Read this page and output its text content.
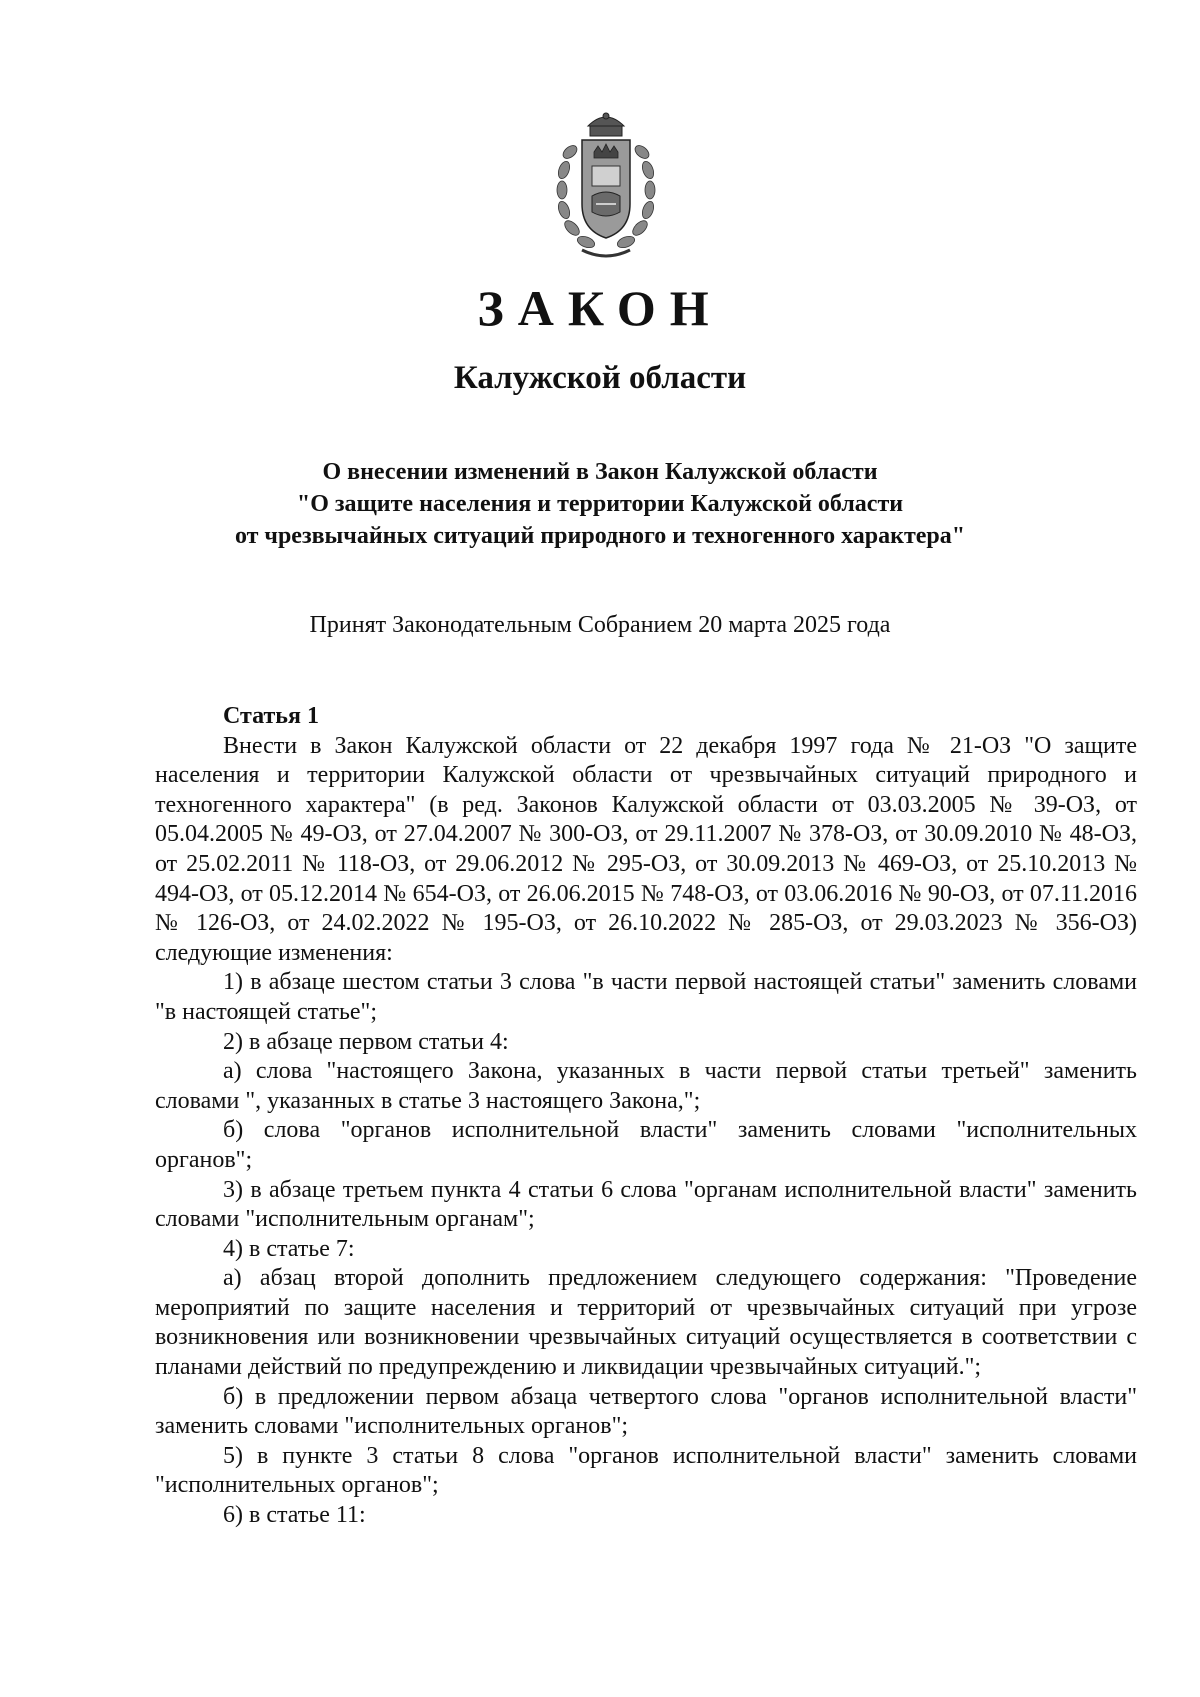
ЗАКОН
Калужской области
О внесении изменений в Закон Калужской области
"О защите населения и территории Калужской области
от чрезвычайных ситуаций природного и техногенного характера"
Принят Законодательным Собранием 20 марта 2025 года

Статья 1

Внести в Закон Калужской области от 22 декабря 1997 года № 21-ОЗ "О защите населения и территории Калужской области от чрезвычайных ситуаций природного и техногенного характера" (в ред. Законов Калужской области от 03.03.2005 № 39-ОЗ, от 05.04.2005 № 49-ОЗ, от 27.04.2007 № 300-ОЗ, от 29.11.2007 № 378-ОЗ, от 30.09.2010 № 48-ОЗ, от 25.02.2011 № 118-ОЗ, от 29.06.2012 № 295-ОЗ, от 30.09.2013 № 469-ОЗ, от 25.10.2013 № 494-ОЗ, от 05.12.2014 № 654-ОЗ, от 26.06.2015 № 748-ОЗ, от 03.06.2016 № 90-ОЗ, от 07.11.2016 № 126-ОЗ, от 24.02.2022 № 195-ОЗ, от 26.10.2022 № 285-ОЗ, от 29.03.2023 № 356-ОЗ) следующие изменения:

1) в абзаце шестом статьи 3 слова "в части первой настоящей статьи" заменить словами "в настоящей статье";

2) в абзаце первом статьи 4:

а) слова "настоящего Закона, указанных в части первой статьи третьей" заменить словами ", указанных в статье 3 настоящего Закона,";

б) слова "органов исполнительной власти" заменить словами "исполнительных органов";

3) в абзаце третьем пункта 4 статьи 6 слова "органам исполнительной власти" заменить словами "исполнительным органам";

4) в статье 7:

а) абзац второй дополнить предложением следующего содержания: "Проведение мероприятий по защите населения и территорий от чрезвычайных ситуаций при угрозе возникновения или возникновении чрезвычайных ситуаций осуществляется в соответствии с планами действий по предупреждению и ликвидации чрезвычайных ситуаций.";

б) в предложении первом абзаца четвертого слова "органов исполнительной власти" заменить словами "исполнительных органов";

5) в пункте 3 статьи 8 слова "органов исполнительной власти" заменить словами "исполнительных органов";

6) в статье 11:
